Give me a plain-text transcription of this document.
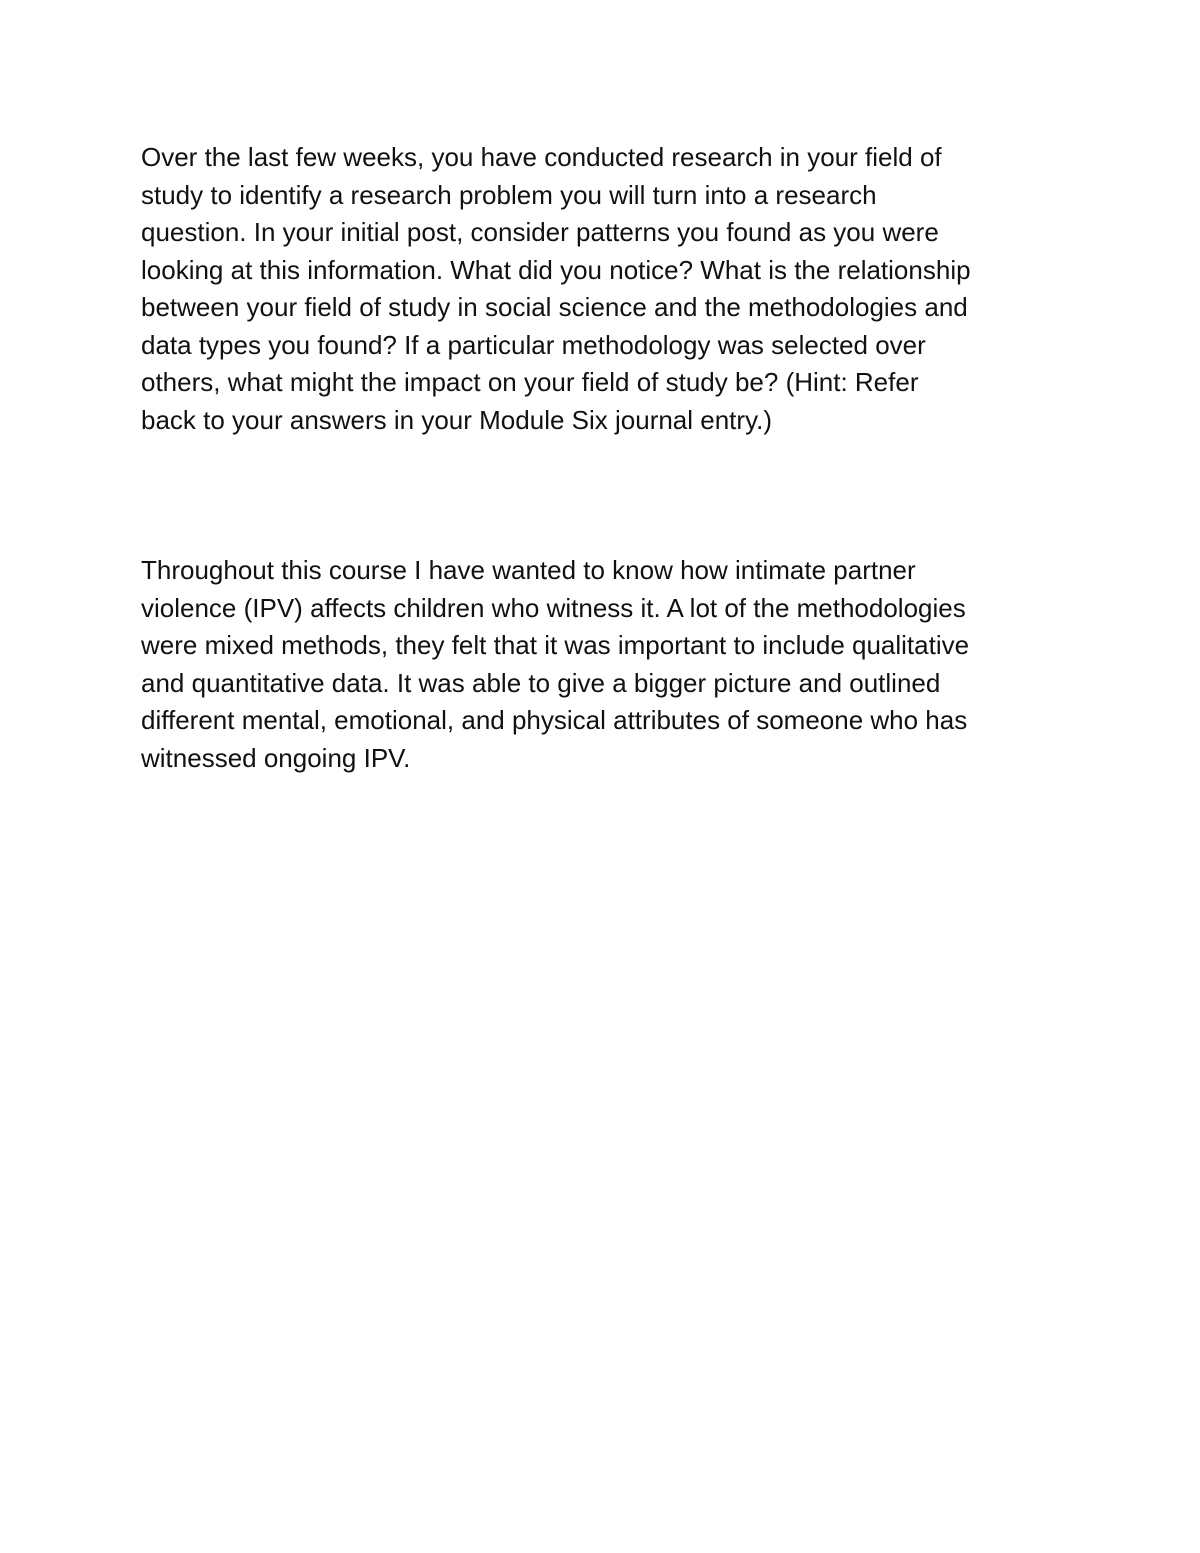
Over the last few weeks, you have conducted research in your field of
study to identify a research problem you will turn into a research
question. In your initial post, consider patterns you found as you were
looking at this information. What did you notice? What is the relationship
between your field of study in social science and the methodologies and
data types you found? If a particular methodology was selected over
others, what might the impact on your field of study be? (Hint: Refer
back to your answers in your Module Six journal entry.)

Throughout this course I have wanted to know how intimate partner
violence (IPV) affects children who witness it. A lot of the methodologies
were mixed methods, they felt that it was important to include qualitative
and quantitative data. It was able to give a bigger picture and outlined
different mental, emotional, and physical attributes of someone who has
witnessed ongoing IPV.
